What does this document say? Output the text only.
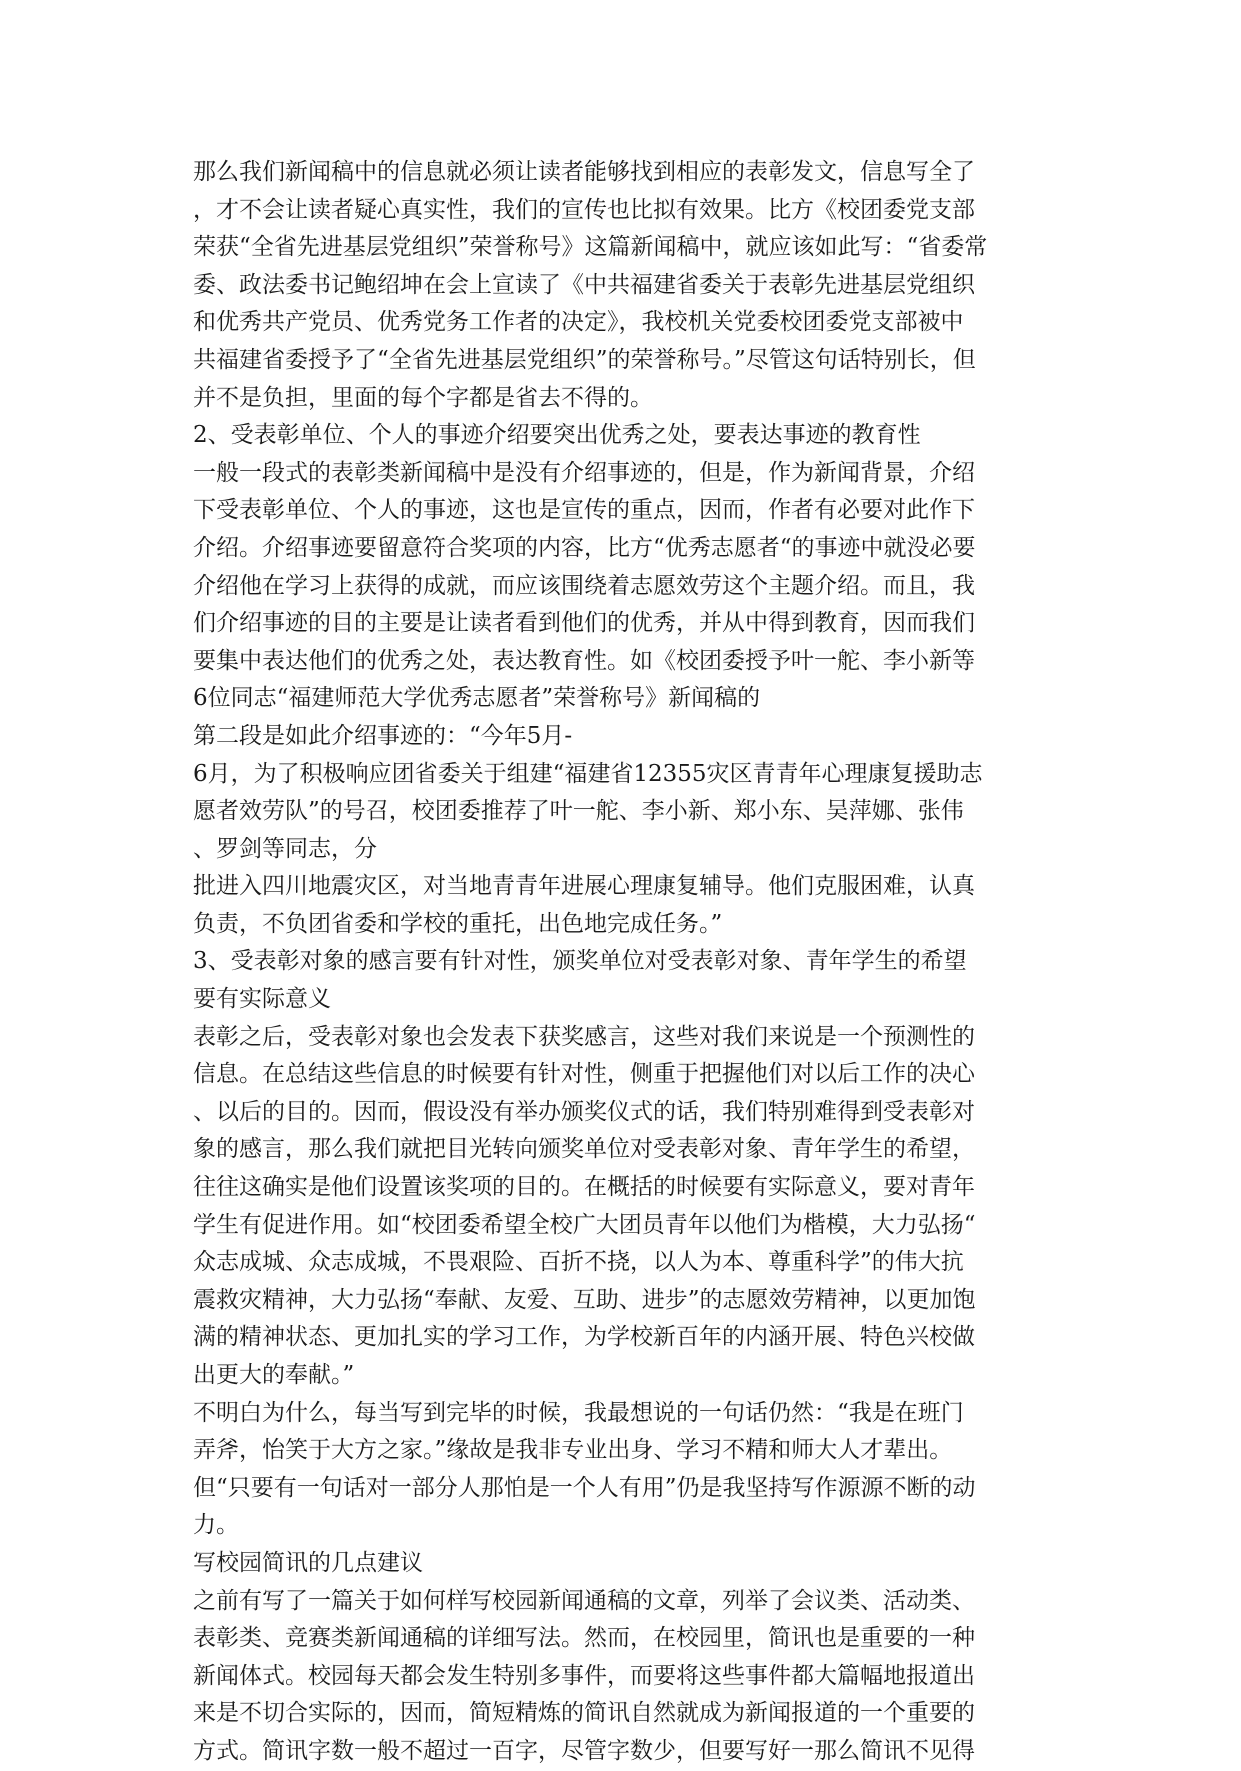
那么我们新闻稿中的信息就必须让读者能够找到相应的表彰发文，信息写全了
，才不会让读者疑心真实性，我们的宣传也比拟有效果。比方《校团委党支部
荣获“全省先进基层党组织”荣誉称号》这篇新闻稿中，就应该如此写：“省委常
委、政法委书记鲍绍坤在会上宣读了《中共福建省委关于表彰先进基层党组织
和优秀共产党员、优秀党务工作者的决定》，我校机关党委校团委党支部被中
共福建省委授予了“全省先进基层党组织”的荣誉称号。”尽管这句话特别长，但
并不是负担，里面的每个字都是省去不得的。
2、受表彰单位、个人的事迹介绍要突出优秀之处，要表达事迹的教育性
一般一段式的表彰类新闻稿中是没有介绍事迹的，但是，作为新闻背景，介绍
下受表彰单位、个人的事迹，这也是宣传的重点，因而，作者有必要对此作下
介绍。介绍事迹要留意符合奖项的内容，比方“优秀志愿者“的事迹中就没必要
介绍他在学习上获得的成就，而应该围绕着志愿效劳这个主题介绍。而且，我
们介绍事迹的目的主要是让读者看到他们的优秀，并从中得到教育，因而我们
要集中表达他们的优秀之处，表达教育性。如《校团委授予叶一舵、李小新等
6位同志“福建师范大学优秀志愿者”荣誉称号》新闻稿的
第二段是如此介绍事迹的：“今年5月-
6月，为了积极响应团省委关于组建“福建省12355灾区青青年心理康复援助志
愿者效劳队”的号召，校团委推荐了叶一舵、李小新、郑小东、吴萍娜、张伟
、罗剑等同志，分
批进入四川地震灾区，对当地青青年进展心理康复辅导。他们克服困难，认真
负责，不负团省委和学校的重托，出色地完成任务。”
3、受表彰对象的感言要有针对性，颁奖单位对受表彰对象、青年学生的希望
要有实际意义
表彰之后，受表彰对象也会发表下获奖感言，这些对我们来说是一个预测性的
信息。在总结这些信息的时候要有针对性，侧重于把握他们对以后工作的决心
、以后的目的。因而，假设没有举办颁奖仪式的话，我们特别难得到受表彰对
象的感言，那么我们就把目光转向颁奖单位对受表彰对象、青年学生的希望，
往往这确实是他们设置该奖项的目的。在概括的时候要有实际意义，要对青年
学生有促进作用。如“校团委希望全校广大团员青年以他们为楷模，大力弘扬“
众志成城、众志成城，不畏艰险、百折不挠，以人为本、尊重科学”的伟大抗
震救灾精神，大力弘扬“奉献、友爱、互助、进步”的志愿效劳精神，以更加饱
满的精神状态、更加扎实的学习工作，为学校新百年的内涵开展、特色兴校做
出更大的奉献。”
不明白为什么，每当写到完毕的时候，我最想说的一句话仍然：“我是在班门
弄斧，怡笑于大方之家。”缘故是我非专业出身、学习不精和师大人才辈出。
但“只要有一句话对一部分人那怕是一个人有用”仍是我坚持写作源源不断的动
力。
写校园简讯的几点建议
之前有写了一篇关于如何样写校园新闻通稿的文章，列举了会议类、活动类、
表彰类、竞赛类新闻通稿的详细写法。然而，在校园里，简讯也是重要的一种
新闻体式。校园每天都会发生特别多事件，而要将这些事件都大篇幅地报道出
来是不切合实际的，因而，简短精炼的简讯自然就成为新闻报道的一个重要的
方式。简讯字数一般不超过一百字，尽管字数少，但要写好一那么简讯不见得
